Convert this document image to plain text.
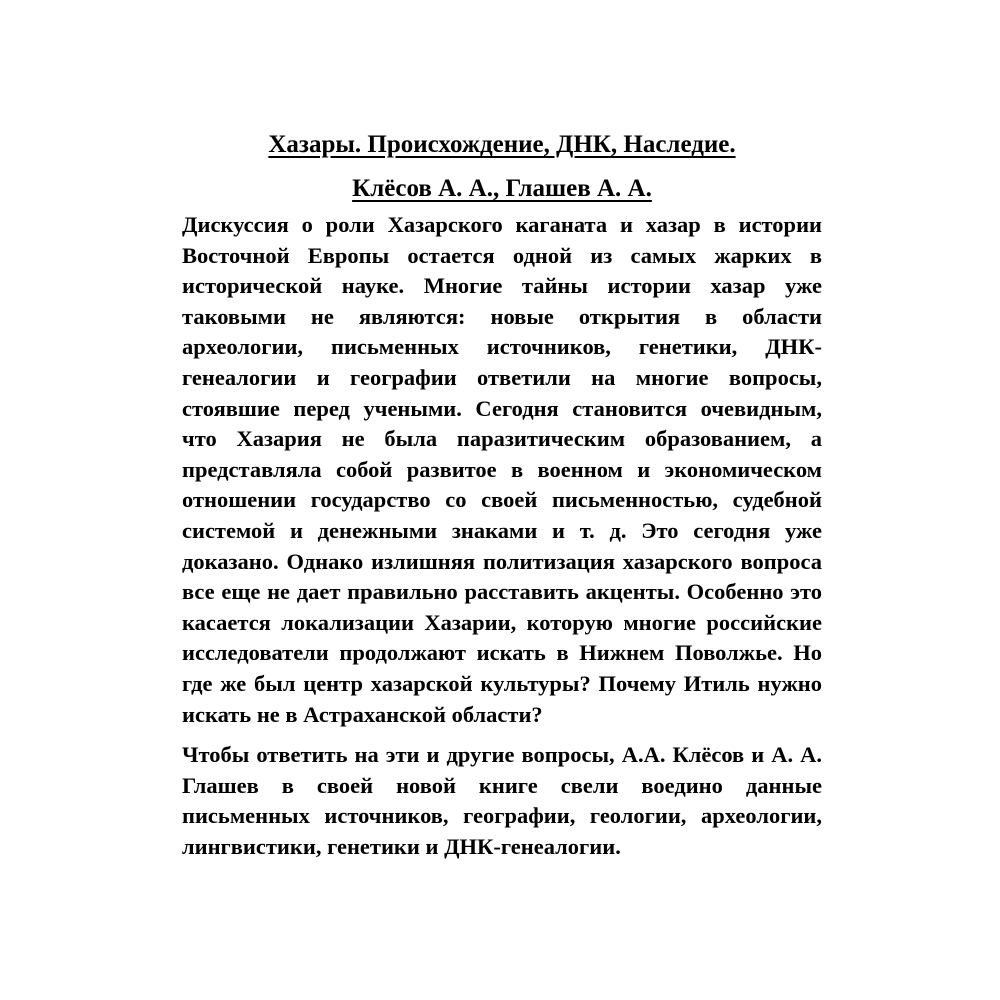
Хазары. Происхождение, ДНК, Наследие.
Клёсов А. А., Глашев А. А.

Дискуссия о роли Хазарского каганата и хазар в истории Восточной Европы остается одной из самых жарких в исторической науке. Многие тайны истории хазар уже таковыми не являются: новые открытия в области археологии, письменных источников, генетики, ДНК-генеалогии и географии ответили на многие вопросы, стоявшие перед учеными. Сегодня становится очевидным, что Хазария не была паразитическим образованием, а представляла собой развитое в военном и экономическом отношении государство со своей письменностью, судебной системой и денежными знаками и т. д. Это сегодня уже доказано. Однако излишняя политизация хазарского вопроса все еще не дает правильно расставить акценты. Особенно это касается локализации Хазарии, которую многие российские исследователи продолжают искать в Нижнем Поволжье. Но где же был центр хазарской культуры? Почему Итиль нужно искать не в Астраханской области?

Чтобы ответить на эти и другие вопросы, А.А. Клёсов и А. А. Глашев в своей новой книге свели воедино данные письменных источников, географии, геологии, археологии, лингвистики, генетики и ДНК-генеалогии.
